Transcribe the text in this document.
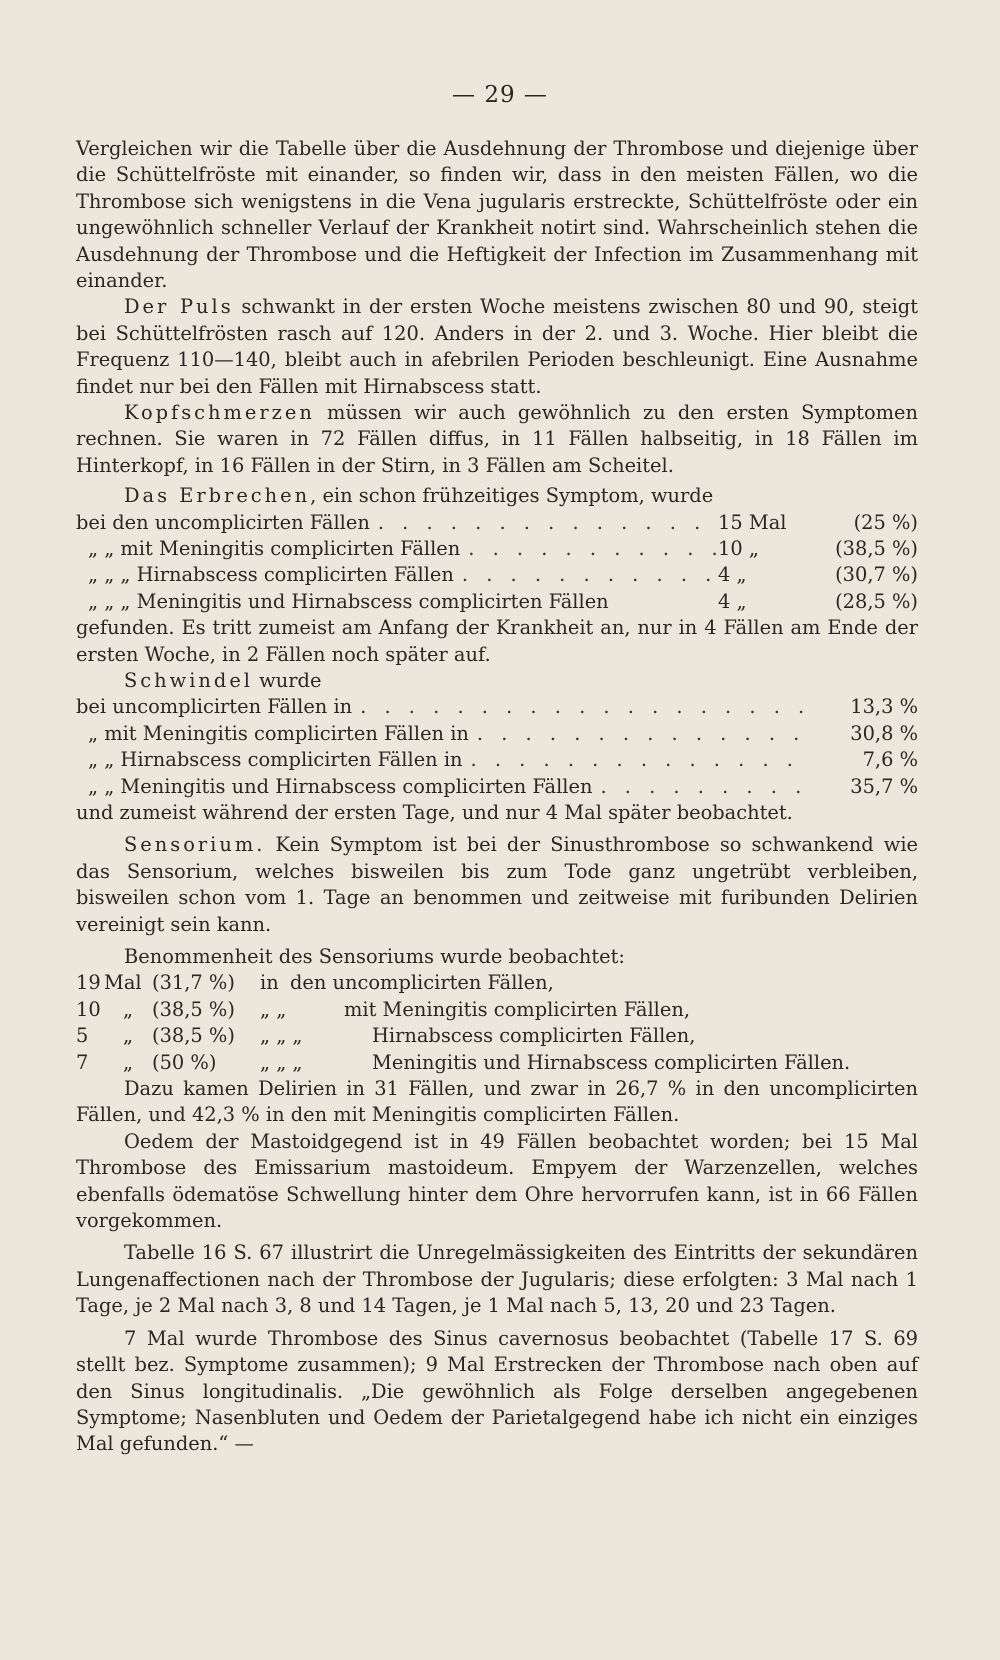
— 29 —

Vergleichen wir die Tabelle über die Ausdehnung der Thrombose und diejenige über die Schüttelfröste mit einander, so finden wir, dass in den meisten Fällen, wo die Thrombose sich wenigstens in die Vena jugularis erstreckte, Schüttelfröste oder ein ungewöhnlich schneller Verlauf der Krankheit notirt sind. Wahrscheinlich stehen die Ausdehnung der Thrombose und die Heftigkeit der Infection im Zusammenhang mit einander.

Der Puls schwankt in der ersten Woche meistens zwischen 80 und 90, steigt bei Schüttelfrösten rasch auf 120. Anders in der 2. und 3. Woche. Hier bleibt die Frequenz 110—140, bleibt auch in afebrilen Perioden beschleunigt. Eine Ausnahme findet nur bei den Fällen mit Hirnabscess statt.

Kopfschmerzen müssen wir auch gewöhnlich zu den ersten Symptomen rechnen. Sie waren in 72 Fällen diffus, in 11 Fällen halbseitig, in 18 Fällen im Hinterkopf, in 16 Fällen in der Stirn, in 3 Fällen am Scheitel.

Das Erbrechen, ein schon frühzeitiges Symptom, wurde

bei den uncomplicirten Fällen . . .	15 Mal	(25 %)
„ „ mit Meningitis complicirten Fällen . . .	10 „	(38,5 %)
„ „ „ Hirnabscess complicirten Fällen . . .	4 „	(30,7 %)
„ „ „ Meningitis und Hirnabscess complicirten Fällen	4 „	(28,5 %)

gefunden. Es tritt zumeist am Anfang der Krankheit an, nur in 4 Fällen am Ende der ersten Woche, in 2 Fällen noch später auf.

Schwindel wurde

bei uncomplicirten Fällen in . . .	13,3 %
„ mit Meningitis complicirten Fällen in . . .	30,8 %
„ „ Hirnabscess complicirten Fällen in . . .	7,6 %
„ „ Meningitis und Hirnabscess complicirten Fällen . . .	35,7 %

und zumeist während der ersten Tage, und nur 4 Mal später beobachtet.

Sensorium. Kein Symptom ist bei der Sinusthrombose so schwankend wie das Sensorium, welches bisweilen bis zum Tode ganz ungetrübt verbleiben, bisweilen schon vom 1. Tage an benommen und zeitweise mit furibunden Delirien vereinigt sein kann.

Benommenheit des Sensoriums wurde beobachtet:

19 Mal (31,7 %)	in den uncomplicirten Fällen,
10	„ (38,5 %)	„ „	mit Meningitis complicirten Fällen,
5	„ (38,5 %)	„ „ „	Hirnabscess complicirten Fällen,
7	„ (50 %)	„ „ „	Meningitis und Hirnabscess complicirten Fällen.

Dazu kamen Delirien in 31 Fällen, und zwar in 26,7 % in den uncomplicirten Fällen, und 42,3 % in den mit Meningitis complicirten Fällen.

Oedem der Mastoidgegend ist in 49 Fällen beobachtet worden; bei 15 Mal Thrombose des Emissarium mastoideum. Empyem der Warzenzellen, welches ebenfalls ödematöse Schwellung hinter dem Ohre hervorrufen kann, ist in 66 Fällen vorgekommen.

Tabelle 16 S. 67 illustrirt die Unregelmässigkeiten des Eintritts der sekundären Lungenaffectionen nach der Thrombose der Jugularis; diese erfolgten: 3 Mal nach 1 Tage, je 2 Mal nach 3, 8 und 14 Tagen, je 1 Mal nach 5, 13, 20 und 23 Tagen.

7 Mal wurde Thrombose des Sinus cavernosus beobachtet (Tabelle 17 S. 69 stellt bez. Symptome zusammen); 9 Mal Erstrecken der Thrombose nach oben auf den Sinus longitudinalis. „Die gewöhnlich als Folge derselben angegebenen Symptome; Nasenbluten und Oedem der Parietalgegend habe ich nicht ein einziges Mal gefunden.“ —
